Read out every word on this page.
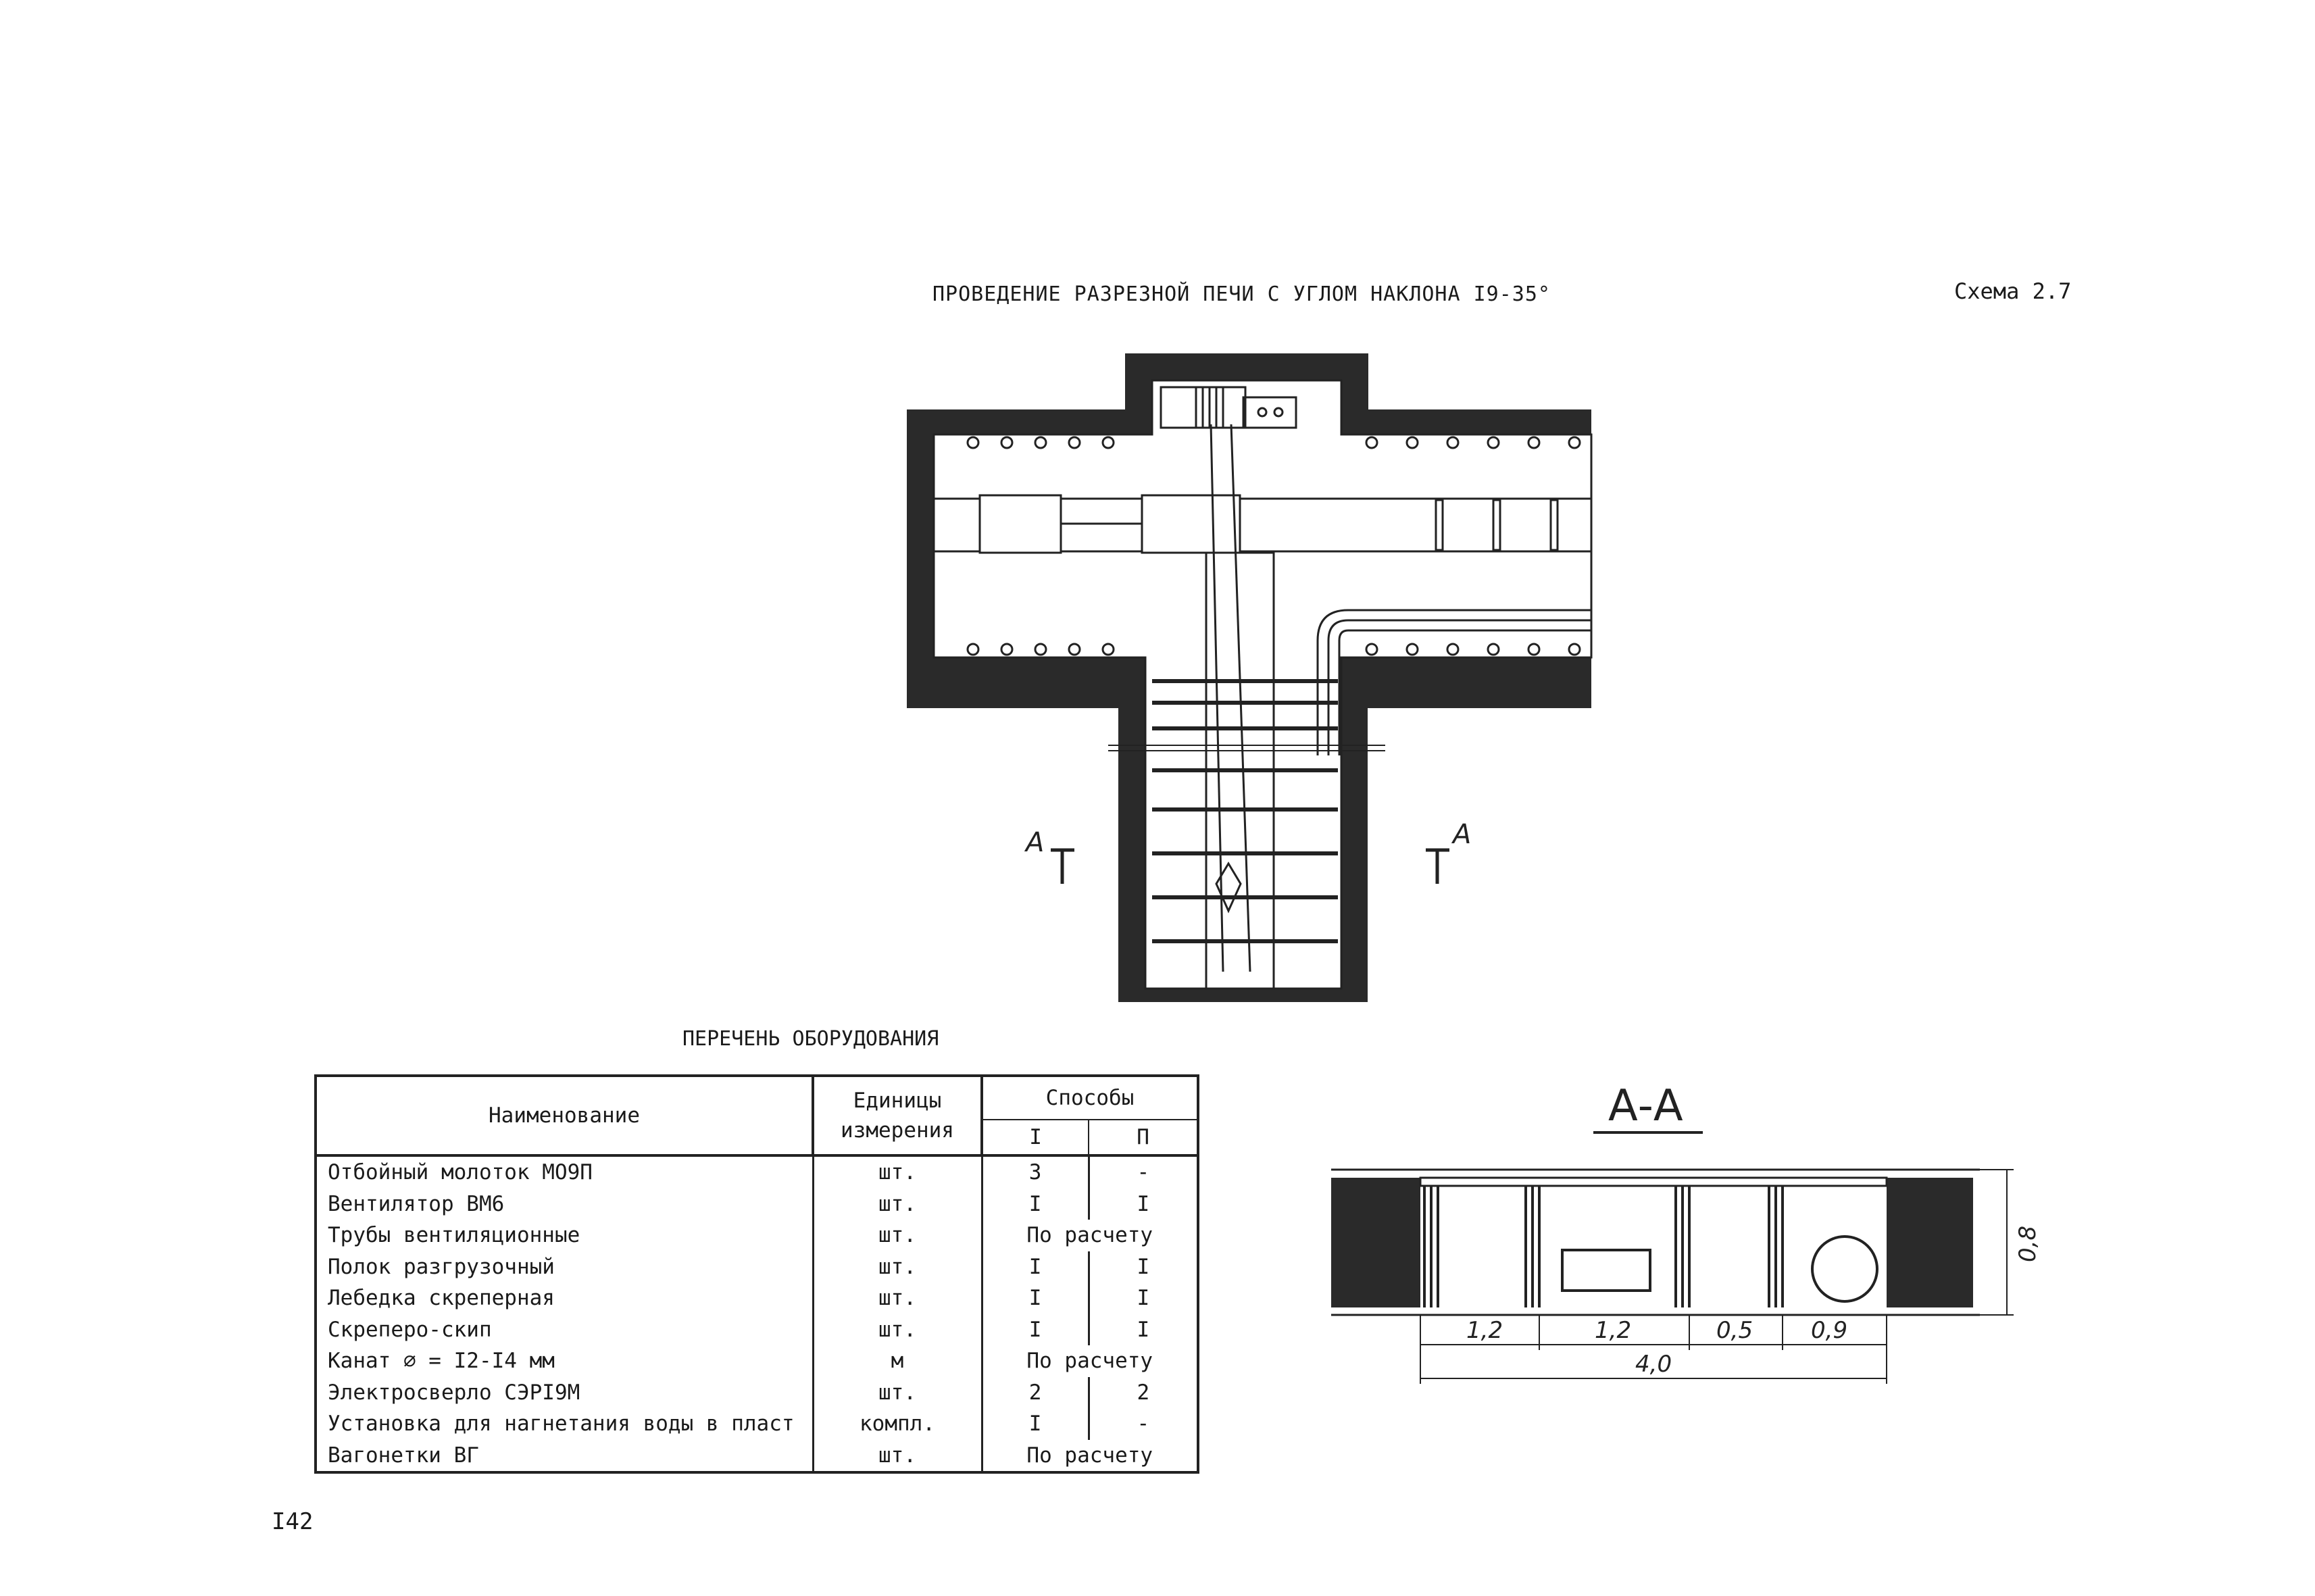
ПРОВЕДЕНИЕ РАЗРЕЗНОЙ ПЕЧИ С УГЛОМ НАКЛОНА I9-35°	Схема 2.7
А	А
ПЕРЕЧЕНЬ ОБОРУДОВАНИЯ
Наименование	Единицы измерения	Способы	
		I	П
Отбойный молоток МО9П	шт.	3	-
Вентилятор ВМ6	шт.	I	I
Трубы вентиляционные	шт.	По расчету	
Полок разгрузочный	шт.	I	I
Лебедка скреперная	шт.	I	I
Скреперо-скип	шт.	I	I
Канат ∅ = I2-I4 мм	м	По расчету	
Электросверло СЭРI9М	шт.	2	2
Установка для нагнетания воды в пласт	компл.	I	-
Вагонетки ВГ	шт.	По расчету	
А-А
1,2	1,2	0,5	0,9
4,0
0,8
I42
